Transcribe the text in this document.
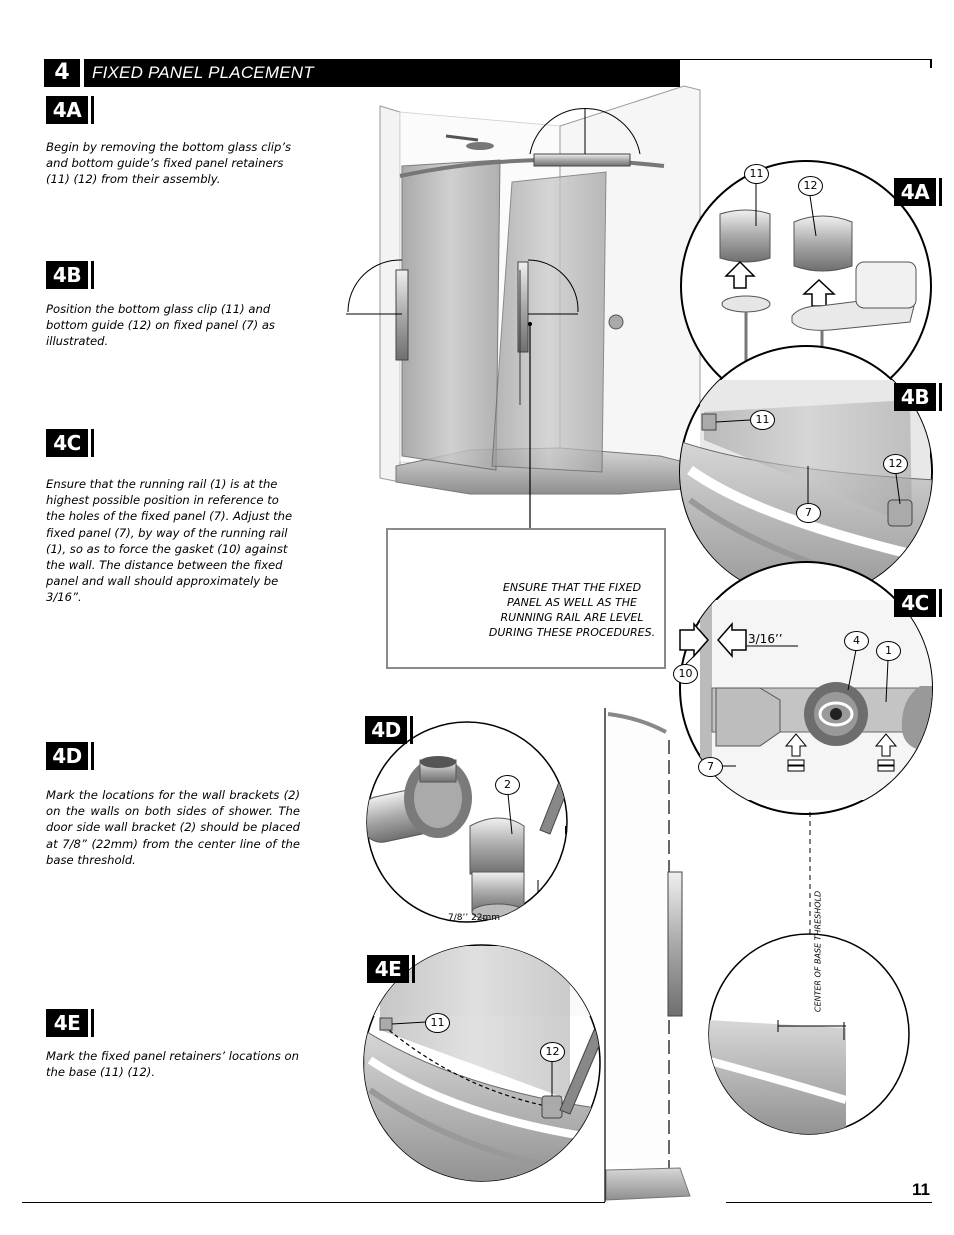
4	FIXED PANEL PLACEMENT
4A
Begin by removing the bottom glass clip’s and bottom guide’s fixed panel retainers (11) (12) from their assembly.
4B
Position the bottom glass clip (11) and bottom guide (12) on fixed panel (7) as illustrated.
4C
Ensure that the running rail (1) is at the highest possible position in reference to the holes of the fixed panel (7). Adjust the fixed panel (7), by way of the running rail (1), so as to force the gasket (10) against the wall. The distance between the fixed panel and wall should approximately be 3/16”.
4D
Mark the locations for the wall brackets (2) on the walls on both sides of shower. The door side wall bracket (2) should be placed at 7/8” (22mm) from the center line of the base threshold.
4E
Mark the fixed panel retainers’ locations on the base (11) (12).
ENSURE THAT THE FIXED PANEL AS WELL AS THE RUNNING RAIL ARE LEVEL DURING THESE PROCEDURES.
4A
4B
4C
4D
4E
11
12
11
12
7
4
1
10
7
2
11
12
3/16’’
7/8’’ 22mm	CENTER OF BASE THRESHOLD
11
